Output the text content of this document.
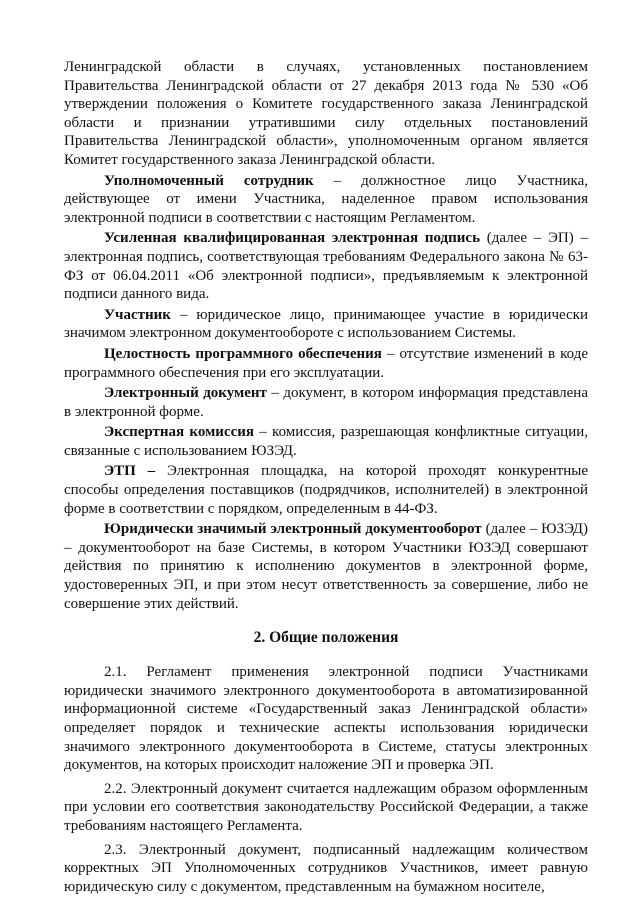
Ленинградской области в случаях, установленных постановлением Правительства Ленинградской области от 27 декабря 2013 года № 530 «Об утверждении положения о Комитете государственного заказа Ленинградской области и признании утратившими силу отдельных постановлений Правительства Ленинградской области», уполномоченным органом является Комитет государственного заказа Ленинградской области.

Уполномоченный сотрудник – должностное лицо Участника, действующее от имени Участника, наделенное правом использования электронной подписи в соответствии с настоящим Регламентом.

Усиленная квалифицированная электронная подпись (далее – ЭП) – электронная подпись, соответствующая требованиям Федерального закона № 63-ФЗ от 06.04.2011 «Об электронной подписи», предъявляемым к электронной подписи данного вида.

Участник – юридическое лицо, принимающее участие в юридически значимом электронном документообороте с использованием Системы.

Целостность программного обеспечения – отсутствие изменений в коде программного обеспечения при его эксплуатации.

Электронный документ – документ, в котором информация представлена в электронной форме.

Экспертная комиссия – комиссия, разрешающая конфликтные ситуации, связанные с использованием ЮЗЭД.

ЭТП – Электронная площадка, на которой проходят конкурентные способы определения поставщиков (подрядчиков, исполнителей) в электронной форме в соответствии с порядком, определенным в 44-ФЗ.

Юридически значимый электронный документооборот (далее – ЮЗЭД) – документооборот на базе Системы, в котором Участники ЮЗЭД совершают действия по принятию к исполнению документов в электронной форме, удостоверенных ЭП, и при этом несут ответственность за совершение, либо не совершение этих действий.

2. Общие положения

2.1. Регламент применения электронной подписи Участниками юридически значимого электронного документооборота в автоматизированной информационной системе «Государственный заказ Ленинградской области» определяет порядок и технические аспекты использования юридически значимого электронного документооборота в Системе, статусы электронных документов, на которых происходит наложение ЭП и проверка ЭП.

2.2. Электронный документ считается надлежащим образом оформленным при условии его соответствия законодательству Российской Федерации, а также требованиям настоящего Регламента.

2.3. Электронный документ, подписанный надлежащим количеством корректных ЭП Уполномоченных сотрудников Участников, имеет равную юридическую силу с документом, представленным на бумажном носителе,
